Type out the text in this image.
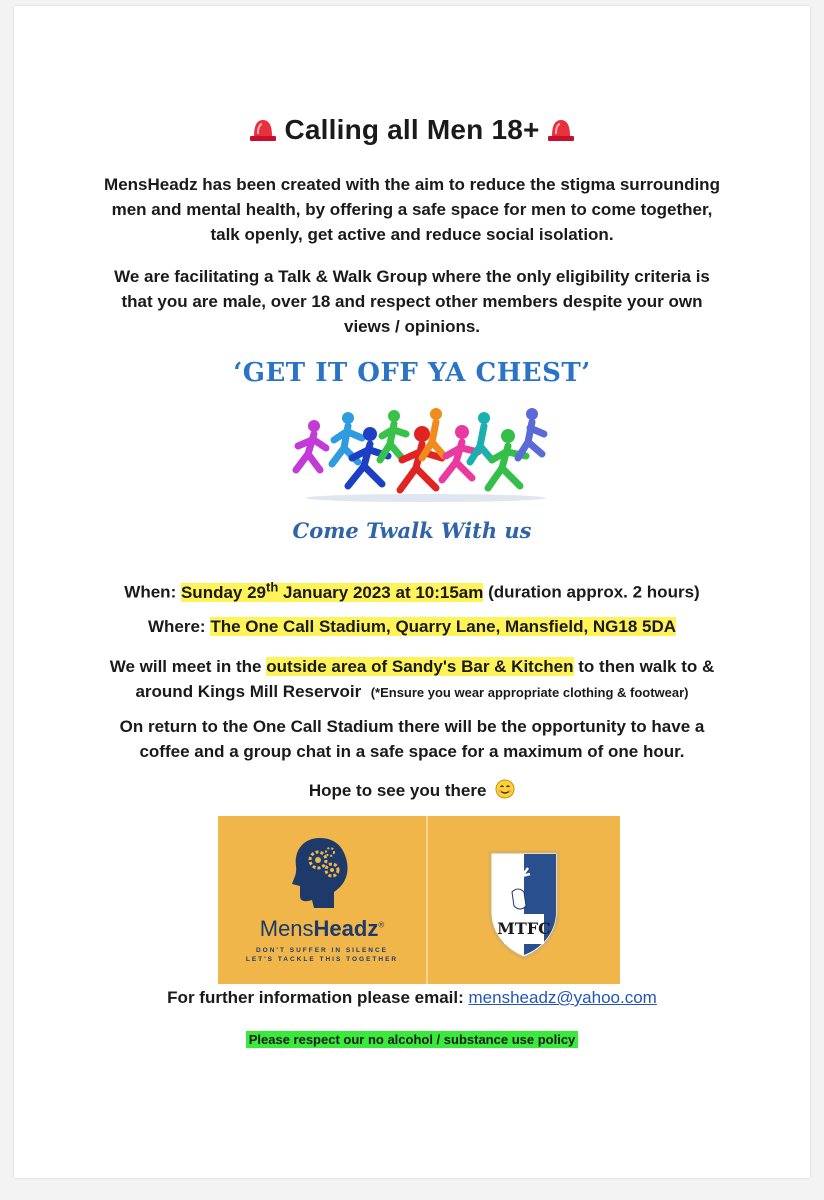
Calling all Men 18+
MensHeadz has been created with the aim to reduce the stigma surrounding
men and mental health, by offering a safe space for men to come together,
talk openly, get active and reduce social isolation.
We are facilitating a Talk & Walk Group where the only eligibility criteria is
that you are male, over 18 and respect other members despite your own
views / opinions.
‘GET IT OFF YA CHEST’
Come Twalk With us
When: Sunday 29th January 2023 at 10:15am (duration approx. 2 hours)
Where: The One Call Stadium, Quarry Lane, Mansfield, NG18 5DA
We will meet in the outside area of Sandy's Bar & Kitchen to then walk to &
around Kings Mill Reservoir (*Ensure you wear appropriate clothing & footwear)
On return to the One Call Stadium there will be the opportunity to have a
coffee and a group chat in a safe space for a maximum of one hour.
Hope to see you there
MensHeadz®
DON'T SUFFER IN SILENCE
LET'S TACKLE THIS TOGETHER
MTFC
For further information please email: mensheadz@yahoo.com
Please respect our no alcohol / substance use policy
